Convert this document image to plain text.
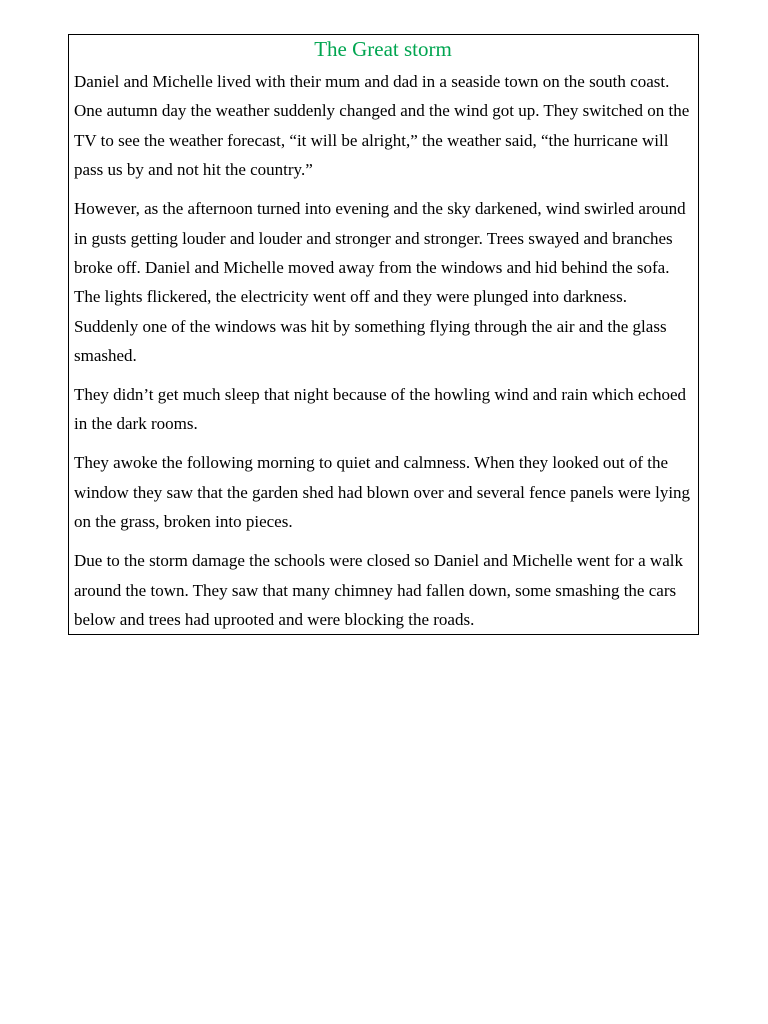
The Great storm

Daniel and Michelle lived with their mum and dad in a seaside town on the south coast. One autumn day the weather suddenly changed and the wind got up. They switched on the TV to see the weather forecast, “it will be alright,” the weather said, “the hurricane will pass us by and not hit the country.”

However, as the afternoon turned into evening and the sky darkened, wind swirled around in gusts getting louder and louder and stronger and stronger. Trees swayed and branches broke off. Daniel and Michelle moved away from the windows and hid behind the sofa. The lights flickered, the electricity went off and they were plunged into darkness. Suddenly one of the windows was hit by something flying through the air and the glass smashed.

They didn’t get much sleep that night because of the howling wind and rain which echoed in the dark rooms.

They awoke the following morning to quiet and calmness. When they looked out of the window they saw that the garden shed had blown over and several fence panels were lying on the grass, broken into pieces.

Due to the storm damage the schools were closed so Daniel and Michelle went for a walk around the town. They saw that many chimney had fallen down, some smashing the cars below and trees had uprooted and were blocking the roads.
